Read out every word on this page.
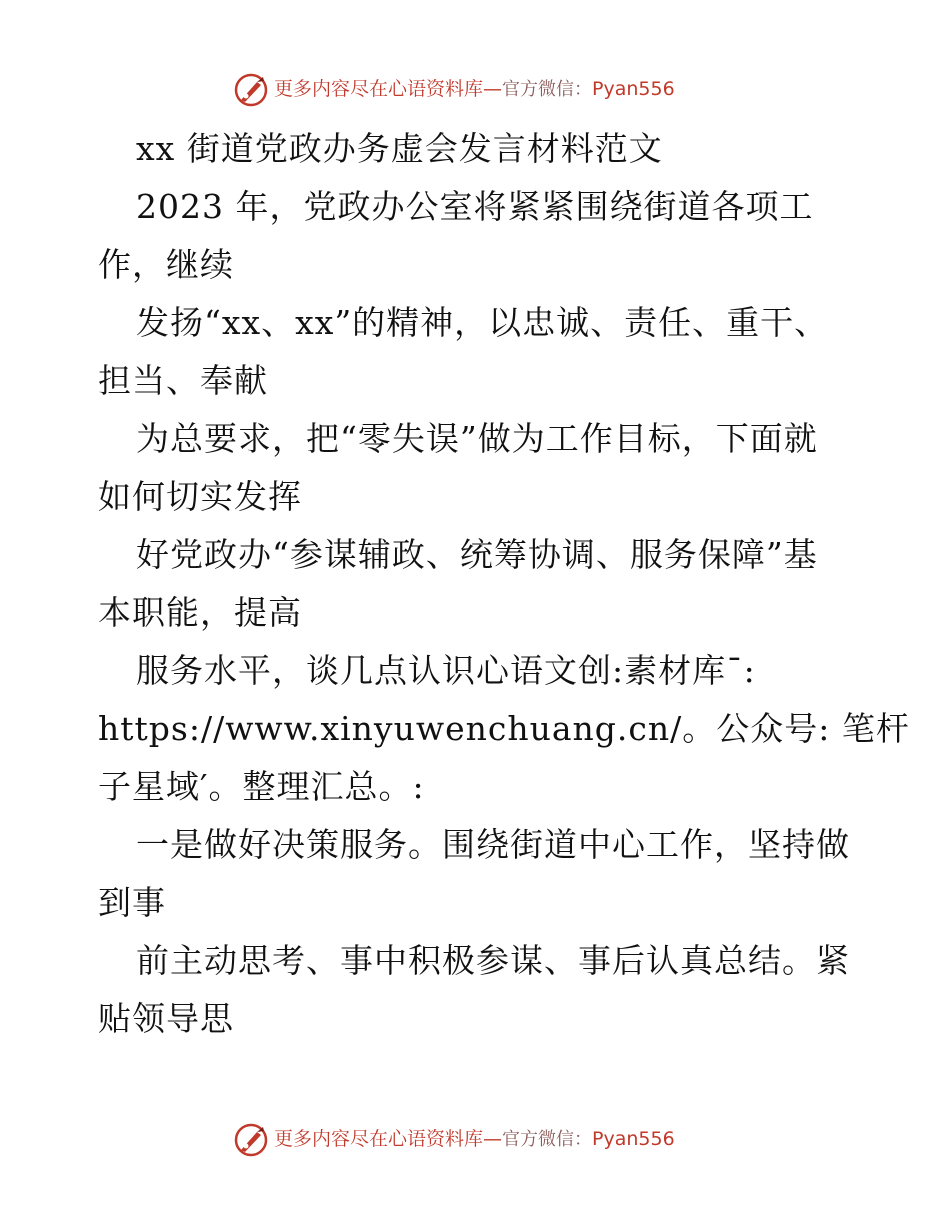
更多内容尽在心语资料库—官方微信：Pyan556
xx 街道党政办务虚会发言材料范文
2023 年，党政办公室将紧紧围绕街道各项工
作，继续
发扬“xx、xx”的精神，以忠诚、责任、重干、
担当、奉献
为总要求，把“零失误”做为工作目标，下面就
如何切实发挥
好党政办“参谋辅政、统筹协调、服务保障”基
本职能，提高
服务水平，谈几点认识心语文创:素材库¯:
https://www.xinyuwenchuang.cn/。公众号: 笔杆
子星域′。整理汇总。:
一是做好决策服务。围绕街道中心工作，坚持做
到事
前主动思考、事中积极参谋、事后认真总结。紧
贴领导思
更多内容尽在心语资料库—官方微信：Pyan556
